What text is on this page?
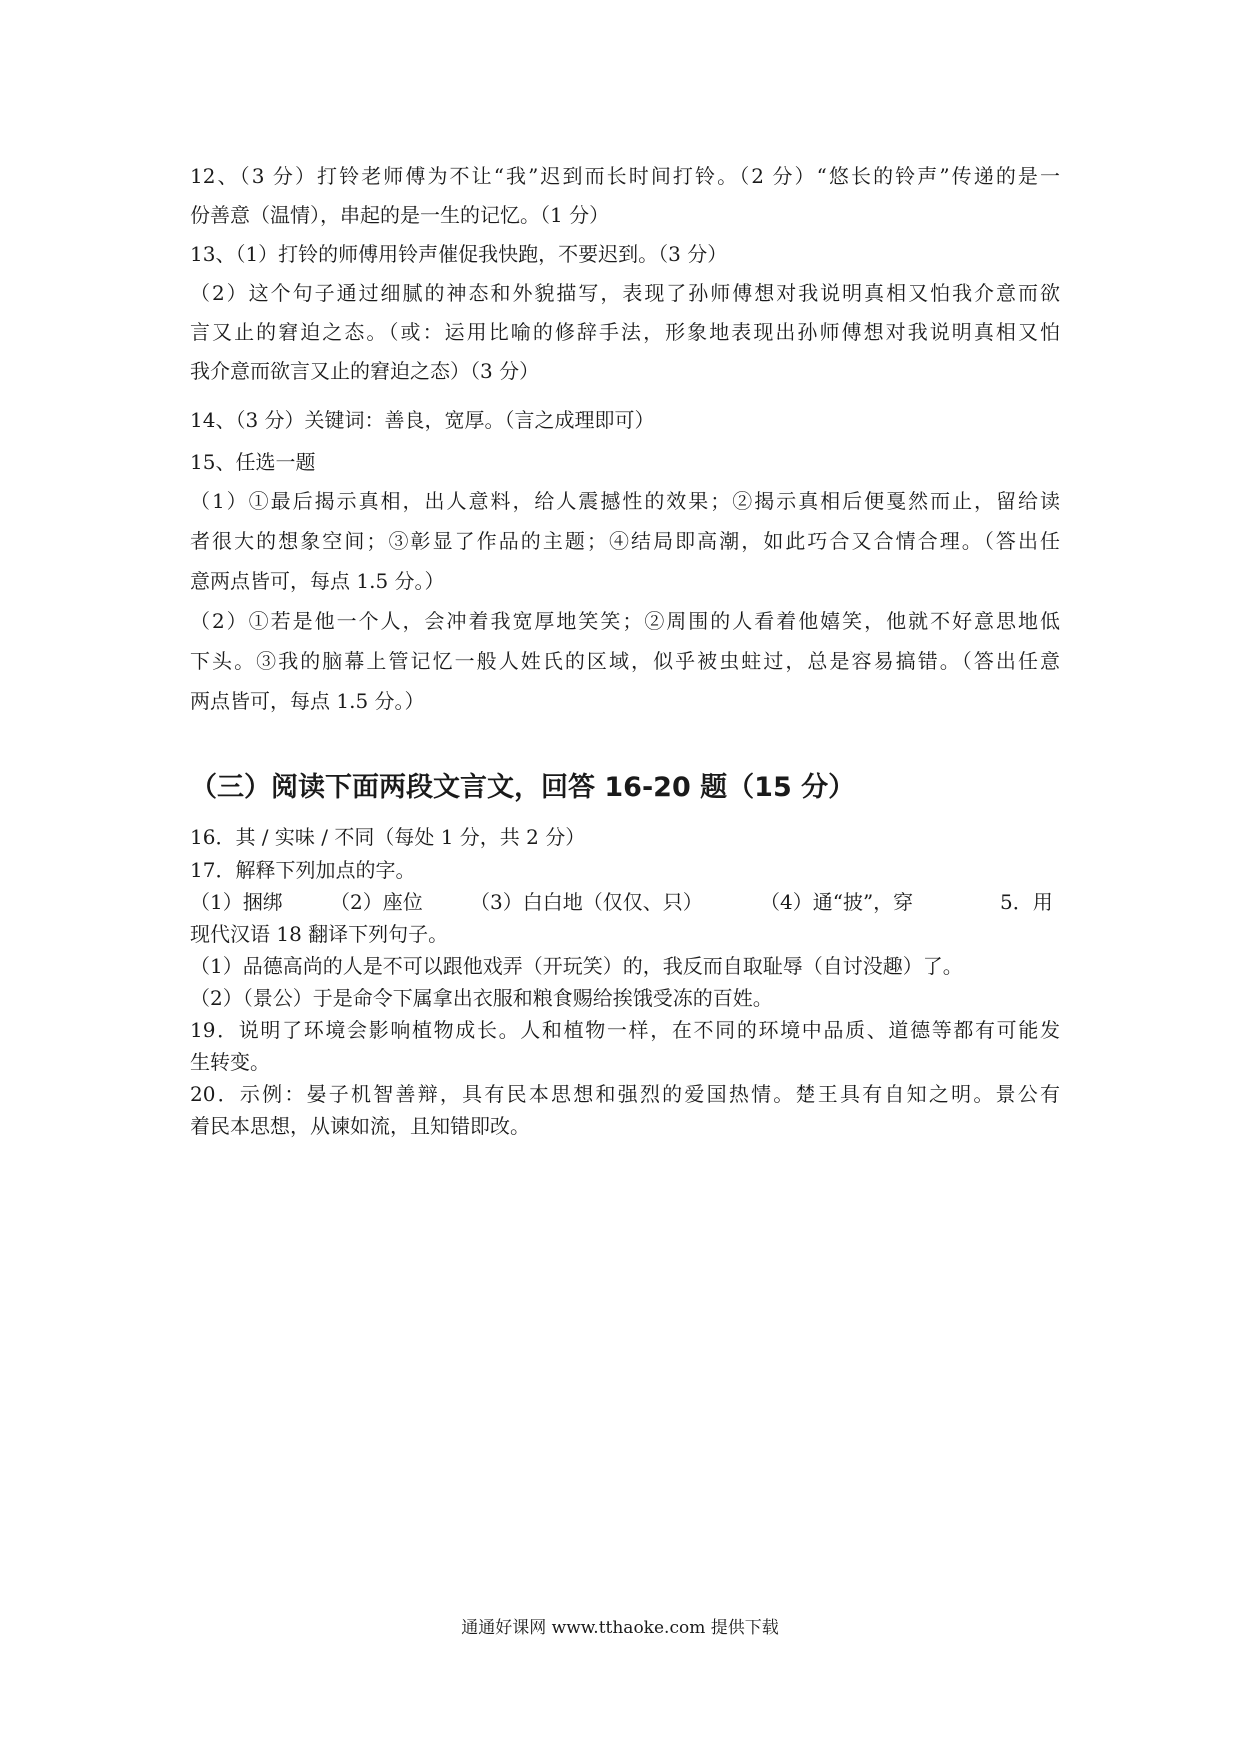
12、（3 分）打铃老师傅为不让“我”迟到而长时间打铃。（2 分）“悠长的铃声”传递的是一
份善意（温情），串起的是一生的记忆。（1 分）
13、（1）打铃的师傅用铃声催促我快跑，不要迟到。（3 分）
（2）这个句子通过细腻的神态和外貌描写，表现了孙师傅想对我说明真相又怕我介意而欲
言又止的窘迫之态。（或：运用比喻的修辞手法，形象地表现出孙师傅想对我说明真相又怕
我介意而欲言又止的窘迫之态）（3 分）
14、（3 分）关键词：善良，宽厚。（言之成理即可）
15、任选一题
（1）①最后揭示真相，出人意料，给人震撼性的效果；②揭示真相后便戛然而止，留给读
者很大的想象空间；③彰显了作品的主题；④结局即高潮，如此巧合又合情合理。（答出任
意两点皆可，每点 1.5 分。）
（2）①若是他一个人，会冲着我宽厚地笑笑；②周围的人看着他嬉笑，他就不好意思地低
下头。③我的脑幕上管记忆一般人姓氏的区域，似乎被虫蛀过，总是容易搞错。（答出任意
两点皆可，每点 1.5 分。）
（三）阅读下面两段文言文，回答 16-20 题（15 分）
16．其 / 实味 / 不同（每处 1 分，共 2 分）
17．解释下列加点的字。
（1）捆绑 （2）座位 （3）白白地（仅仅、只）	（4）通“披”，穿	5．用
现代汉语 18 翻译下列句子。
（1）品德高尚的人是不可以跟他戏弄（开玩笑）的，我反而自取耻辱（自讨没趣）了。
（2）（景公）于是命令下属拿出衣服和粮食赐给挨饿受冻的百姓。
19．说明了环境会影响植物成长。人和植物一样，在不同的环境中品质、道德等都有可能发
生转变。
20．示例：晏子机智善辩，具有民本思想和强烈的爱国热情。楚王具有自知之明。景公有
着民本思想，从谏如流，且知错即改。
通通好课网 www.tthaoke.com 提供下载
